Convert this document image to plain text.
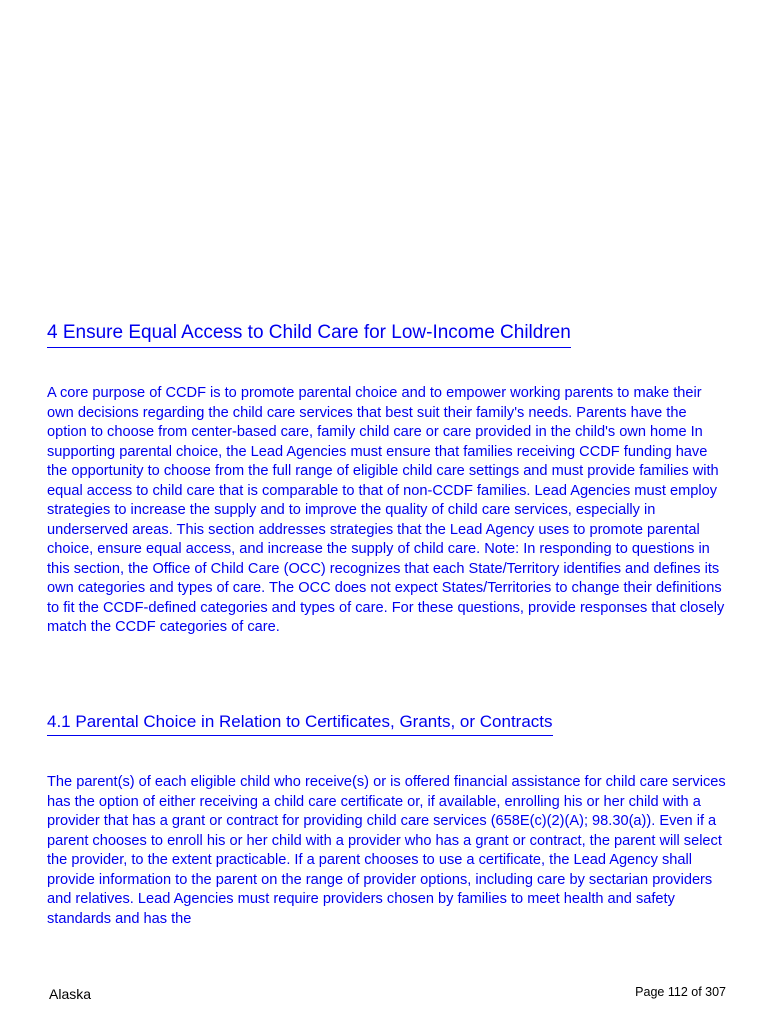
4 Ensure Equal Access to Child Care for Low-Income Children

A core purpose of CCDF is to promote parental choice and to empower working parents to make their own decisions regarding the child care services that best suit their family's needs. Parents have the option to choose from center-based care, family child care or care provided in the child's own home In supporting parental choice, the Lead Agencies must ensure that families receiving CCDF funding have the opportunity to choose from the full range of eligible child care settings and must provide families with equal access to child care that is comparable to that of non-CCDF families. Lead Agencies must employ strategies to increase the supply and to improve the quality of child care services, especially in underserved areas. This section addresses strategies that the Lead Agency uses to promote parental choice, ensure equal access, and increase the supply of child care. Note: In responding to questions in this section, the Office of Child Care (OCC) recognizes that each State/Territory identifies and defines its own categories and types of care. The OCC does not expect States/Territories to change their definitions to fit the CCDF-defined categories and types of care. For these questions, provide responses that closely match the CCDF categories of care.

4.1 Parental Choice in Relation to Certificates, Grants, or Contracts

The parent(s) of each eligible child who receive(s) or is offered financial assistance for child care services has the option of either receiving a child care certificate or, if available, enrolling his or her child with a provider that has a grant or contract for providing child care services (658E(c)(2)(A); 98.30(a)). Even if a parent chooses to enroll his or her child with a provider who has a grant or contract, the parent will select the provider, to the extent practicable. If a parent chooses to use a certificate, the Lead Agency shall provide information to the parent on the range of provider options, including care by sectarian providers and relatives. Lead Agencies must require providers chosen by families to meet health and safety standards and has the

Alaska	Page 112 of 307
